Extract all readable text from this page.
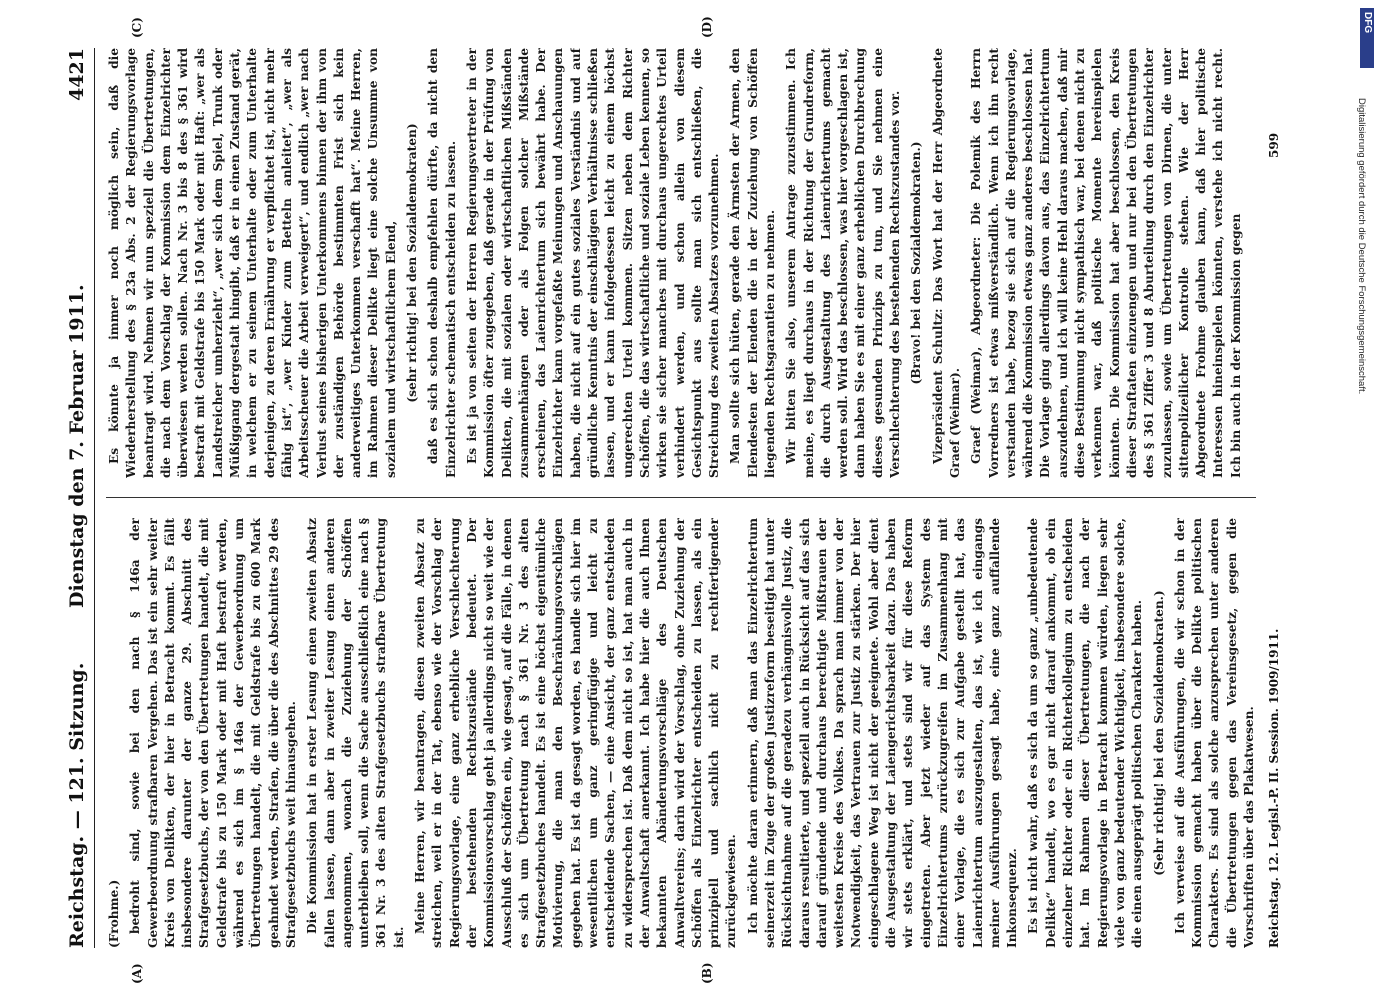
Reichstag. — 121. Sitzung.
Dienstag den 7. Februar 1911.
4421

(Frohme.) bedroht sind, sowie bei den nach § 146a der Gewerbeordnung strafbaren Vergehen. Das ist ein sehr weiter Kreis von Delikten, der hier in Betracht kommt. Es fällt insbesondere darunter der ganze 29. Abschnitt des Strafgesetzbuchs, der von den Übertretungen handelt, die mit Geldstrafe bis zu 150 Mark oder mit Haft bestraft werden, während es sich im § 146a der Gewerbeordnung um Übertretungen handelt, die mit Geldstrafe bis zu 600 Mark geahndet werden, Strafen, die über die des Abschnittes 29 des Strafgesetzbuchs weit hinausgehen. Die Kommission hat in erster Lesung einen zweiten Absatz fallen lassen, dann aber in zweiter Lesung einen anderen angenommen, wonach die Zuziehung der Schöffen unterbleiben soll, wenn die Sache ausschließlich eine nach § 361 Nr. 3 des alten Strafgesetzbuchs strafbare Übertretung ist.

Meine Herren, wir beantragen, diesen zweiten Absatz zu streichen, weil er in der Tat, ebenso wie der Vorschlag der Regierungsvorlage, eine ganz erhebliche Verschlechterung der bestehenden Rechtszustände bedeutet. Der Kommissionsvorschlag geht ja allerdings nicht so weit wie der Ausschluß der Schöffen ein, wie gesagt, auf die Fälle, in denen es sich um Übertretung nach § 361 Nr. 3 des alten Strafgesetzbuches handelt. Es ist eine höchst eigentümliche Motivierung, die man den Beschränkungsvorschlägen gegeben hat. Es ist da gesagt worden, es handle sich hier im wesentlichen um ganz geringfügige und leicht zu entscheidende Sachen, — eine Ansicht, der ganz entschieden zu widersprechen ist. Daß dem nicht so ist, hat man auch in der Anwaltschaft anerkannt. Ich habe hier die auch Ihnen bekannten Abänderungsvorschläge des Deutschen Anwaltvereins; darin wird der Vorschlag, ohne Zuziehung der Schöffen als Einzelrichter entscheiden zu lassen, als ein prinzipiell und sachlich nicht zu rechtfertigender zurückgewiesen. Ich möchte daran erinnern, daß man das Einzelrichtertum seinerzeit im Zuge der großen Justizreform beseitigt hat unter Rücksichtnahme auf die geradezu verhängnisvolle Justiz, die daraus resultierte, und speziell auch in Rücksicht auf das sich darauf gründende und durchaus berechtigte Mißtrauen der weitesten Kreise des Volkes. Da sprach man immer von der Notwendigkeit, das Vertrauen zur Justiz zu stärken. Der hier eingeschlagene Weg ist nicht der geeignete. Wohl aber dient die Ausgestaltung der Laiengerichtsbarkeit dazu. Das haben wir stets erklärt, und stets sind wir für diese Reform eingetreten. Aber jetzt wieder auf das System des Einzelrichtertums zurückzugreifen im Zusammenhang mit einer Vorlage, die es sich zur Aufgabe gestellt hat, das Laienrichtertum auszugestalten, das ist, wie ich eingangs meiner Ausführungen gesagt habe, eine ganz auffallende Inkonsequenz. Es ist nicht wahr, daß es sich da um so ganz „unbedeutende Delikte“ handelt, wo es gar nicht darauf ankommt, ob ein einzelner Richter oder ein Richterkollegium zu entscheiden hat. Im Rahmen dieser Übertretungen, die nach der Regierungsvorlage in Betracht kommen würden, liegen sehr viele von ganz bedeutender Wichtigkeit, insbesondere solche, die einen ausgeprägt politischen Charakter haben. (Sehr richtig! bei den Sozialdemokraten.) Ich verweise auf die Ausführungen, die wir schon in der Kommission gemacht haben über die Delikte politischen Charakters. Es sind als solche anzusprechen unter anderen die Übertretungen gegen das Vereinsgesetz, gegen die Vorschriften über das Plakatwesen.

Es könnte ja immer noch möglich sein, daß die Wiederherstellung des § 23a Abs. 2 der Regierungsvorlage beantragt wird. Nehmen wir nun speziell die Übertretungen, die nach dem Vorschlag der Kommission dem Einzelrichter überwiesen werden sollen. Nach Nr. 3 bis 8 des § 361 wird bestraft mit Geldstrafe bis 150 Mark oder mit Haft: „wer als Landstreicher umherzieht“, „wer sich dem Spiel, Trunk oder Müßiggang dergestalt hingibt, daß er in einen Zustand gerät, in welchem er zu seinem Unterhalte oder zum Unterhalte derjenigen, zu deren Ernährung er verpflichtet ist, nicht mehr fähig ist“, „wer Kinder zum Betteln anleitet“, „wer als Arbeitsscheuer die Arbeit verweigert“, und endlich „wer nach Verlust seines bisherigen Unterkommens binnen der ihm von der zuständigen Behörde bestimmten Frist sich kein anderweitiges Unterkommen verschafft hat“. Meine Herren, im Rahmen dieser Delikte liegt eine solche Unsumme von sozialem und wirtschaftlichem Elend, (sehr richtig! bei den Sozialdemokraten) daß es sich schon deshalb empfehlen dürfte, da nicht den Einzelrichter schematisch entscheiden zu lassen. Es ist ja von seiten der Herren Regierungsvertreter in der Kommission öfter zugegeben, daß gerade in der Prüfung von Delikten, die mit sozialen oder wirtschaftlichen Mißständen zusammenhängen oder als Folgen solcher Mißstände erscheinen, das Laienrichtertum sich bewährt habe. Der Einzelrichter kann vorgefaßte Meinungen und Anschauungen haben, die nicht auf ein gutes soziales Verständnis und auf gründliche Kenntnis der einschlägigen Verhältnisse schließen lassen, und er kann infolgedessen leicht zu einem höchst ungerechten Urteil kommen. Sitzen neben dem Richter Schöffen, die das wirtschaftliche und soziale Leben kennen, so wirken sie sicher manches mit durchaus ungerechtes Urteil verhindert werden, und schon allein von diesem Gesichtspunkt aus sollte man sich entschließen, die Streichung des zweiten Absatzes vorzunehmen. Man sollte sich hüten, gerade den Ärmsten der Armen, den Elendesten der Elenden die in der Zuziehung von Schöffen liegenden Rechtsgarantien zu nehmen. Wir bitten Sie also, unserem Antrage zuzustimmen. Ich meine, es liegt durchaus in der Richtung der Grundreform, die durch Ausgestaltung des Laienrichtertums gemacht werden soll. Wird das beschlossen, was hier vorgeschlagen ist, dann haben Sie es mit einer ganz erheblichen Durchbrechung dieses gesunden Prinzips zu tun, und Sie nehmen eine Verschlechterung des bestehenden Rechtszustandes vor. (Bravo! bei den Sozialdemokraten.) Vizepräsident Schultz: Das Wort hat der Herr Abgeordnete Graef (Weimar). Graef (Weimar), Abgeordneter: Die Polemik des Herrn Vorredners ist etwas mißverständlich. Wenn ich ihn recht verstanden habe, bezog sie sich auf die Regierungsvorlage, während die Kommission etwas ganz anderes beschlossen hat. Die Vorlage ging allerdings davon aus, das Einzelrichtertum auszudehnen, und ich will keine Hehl daraus machen, daß mir diese Bestimmung nicht sympathisch war, bei denen nicht zu verkennen war, daß politische Momente hereinspielen könnten. Die Kommission hat aber beschlossen, den Kreis dieser Straftaten einzuengen und nur bei den Übertretungen des § 361 Ziffer 3 und 8 Aburteilung durch den Einzelrichter zuzulassen, sowie um Übertretungen von Dirnen, die unter sittenpolizeilicher Kontrolle stehen. Wie der Herr Abgeordnete Frohme glauben kann, daß hier politische Interessen hineinspielen könnten, verstehe ich nicht recht. Ich bin auch in der Kommission gegen

(A)	(B)
(C)	(D)
Reichstag. 12. Legisl.-P. II. Session. 1909/1911.
599
DFG
Digitalisierung gefördert durch die Deutsche Forschungsgemeinschaft.
